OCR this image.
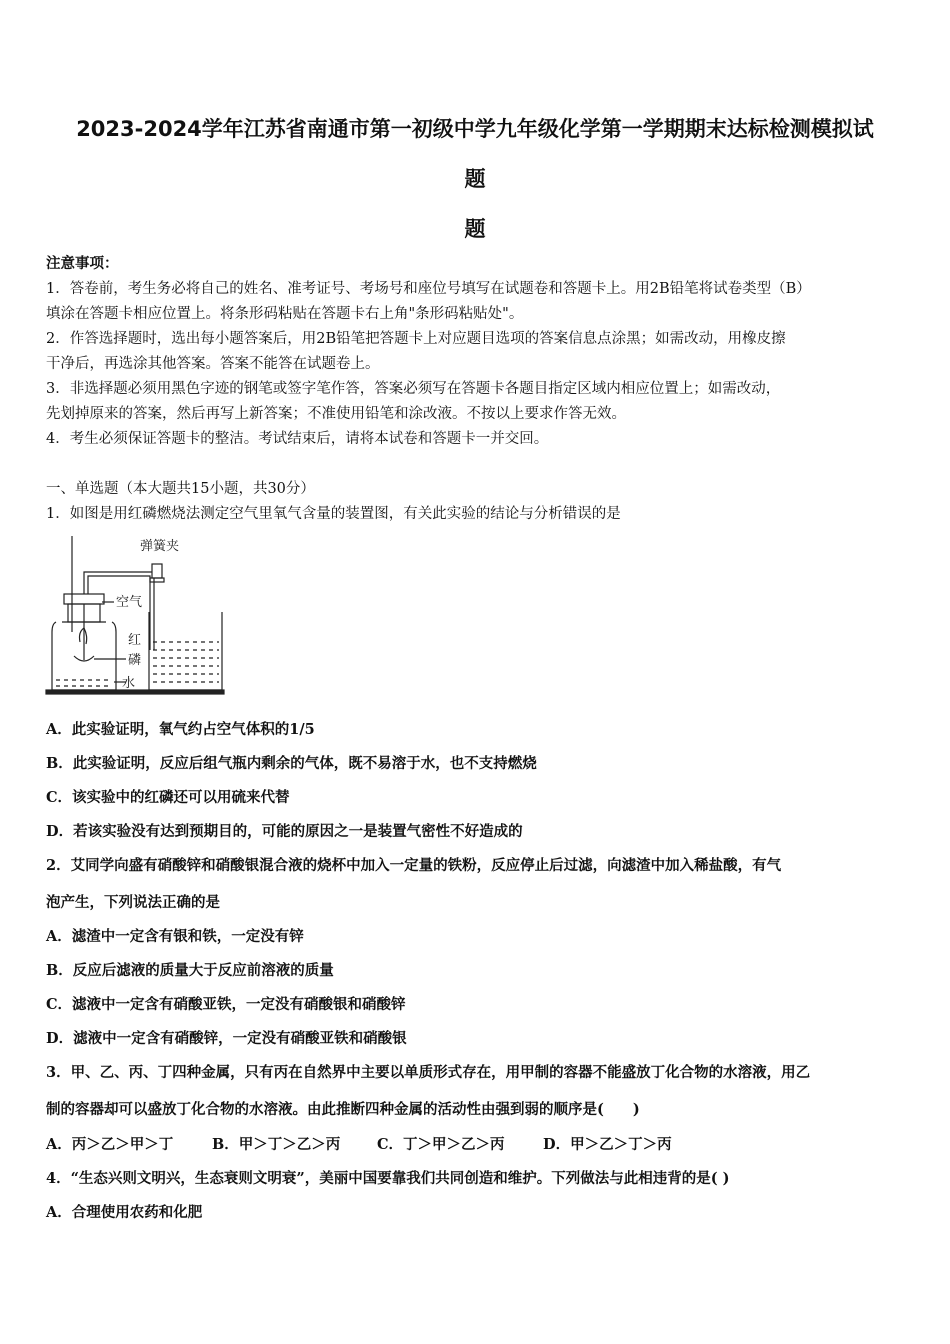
2023-2024学年江苏省南通市第一初级中学九年级化学第一学期期末达标检测模拟试
题
题
注意事项：
1．答卷前，考生务必将自己的姓名、准考证号、考场号和座位号填写在试题卷和答题卡上。用2B铅笔将试卷类型（B）
填涂在答题卡相应位置上。将条形码粘贴在答题卡右上角"条形码粘贴处"。
2．作答选择题时，选出每小题答案后，用2B铅笔把答题卡上对应题目选项的答案信息点涂黑；如需改动，用橡皮擦
干净后，再选涂其他答案。答案不能答在试题卷上。
3．非选择题必须用黑色字迹的钢笔或签字笔作答，答案必须写在答题卡各题目指定区域内相应位置上；如需改动，
先划掉原来的答案，然后再写上新答案；不准使用铅笔和涂改液。不按以上要求作答无效。
4．考生必须保证答题卡的整洁。考试结束后，请将本试卷和答题卡一并交回。
一、单选题（本大题共15小题，共30分）
1．如图是用红磷燃烧法测定空气里氧气含量的装置图，有关此实验的结论与分析错误的是
弹簧夹
空气
红
磷
水
A．此实验证明，氧气约占空气体积的1/5
B．此实验证明，反应后组气瓶内剩余的气体，既不易溶于水，也不支持燃烧
C．该实验中的红磷还可以用硫来代替
D．若该实验没有达到预期目的，可能的原因之一是装置气密性不好造成的
2．艾同学向盛有硝酸锌和硝酸银混合液的烧杯中加入一定量的铁粉，反应停止后过滤，向滤渣中加入稀盐酸，有气
泡产生，下列说法正确的是
A．滤渣中一定含有银和铁，一定没有锌
B．反应后滤液的质量大于反应前溶液的质量
C．滤液中一定含有硝酸亚铁，一定没有硝酸银和硝酸锌
D．滤液中一定含有硝酸锌，一定没有硝酸亚铁和硝酸银
3．甲、乙、丙、丁四种金属，只有丙在自然界中主要以单质形式存在，用甲制的容器不能盛放丁化合物的水溶液，用乙
制的容器却可以盛放丁化合物的水溶液。由此推断四种金属的活动性由强到弱的顺序是(　　)
A．丙＞乙＞甲＞丁	B．甲＞丁＞乙＞丙	C．丁＞甲＞乙＞丙	D．甲＞乙＞丁＞丙
4．“生态兴则文明兴，生态衰则文明衰”，美丽中国要靠我们共同创造和维护。下列做法与此相违背的是( )
A．合理使用农药和化肥
